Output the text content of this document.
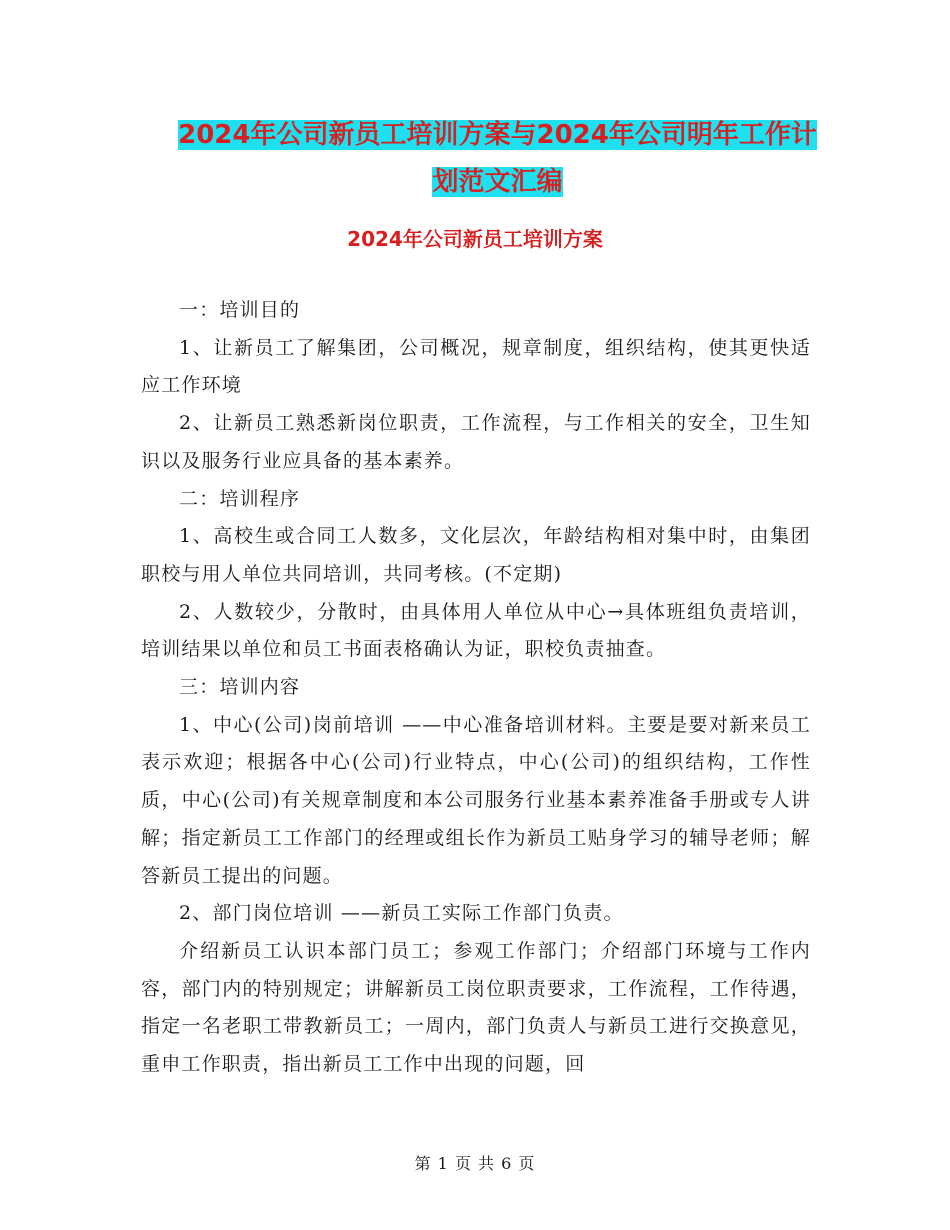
2024年公司新员工培训方案与2024年公司明年工作计
划范文汇编
2024年公司新员工培训方案

一：培训目的

1、让新员工了解集团，公司概况，规章制度，组织结构，使其更快适应工作环境

2、让新员工熟悉新岗位职责，工作流程，与工作相关的安全，卫生知识以及服务行业应具备的基本素养。

二：培训程序

1、高校生或合同工人数多，文化层次，年龄结构相对集中时，由集团职校与用人单位共同培训，共同考核。(不定期)

2、人数较少，分散时，由具体用人单位从中心→具体班组负责培训，培训结果以单位和员工书面表格确认为证，职校负责抽查。

三：培训内容

1、中心(公司)岗前培训 ——中心准备培训材料。主要是要对新来员工表示欢迎；根据各中心(公司)行业特点，中心(公司)的组织结构，工作性质，中心(公司)有关规章制度和本公司服务行业基本素养准备手册或专人讲解；指定新员工工作部门的经理或组长作为新员工贴身学习的辅导老师；解答新员工提出的问题。

2、部门岗位培训 ——新员工实际工作部门负责。

介绍新员工认识本部门员工；参观工作部门；介绍部门环境与工作内容，部门内的特别规定；讲解新员工岗位职责要求，工作流程，工作待遇，指定一名老职工带教新员工；一周内，部门负责人与新员工进行交换意见，重申工作职责，指出新员工工作中出现的问题，回

第 1 页 共 6 页
